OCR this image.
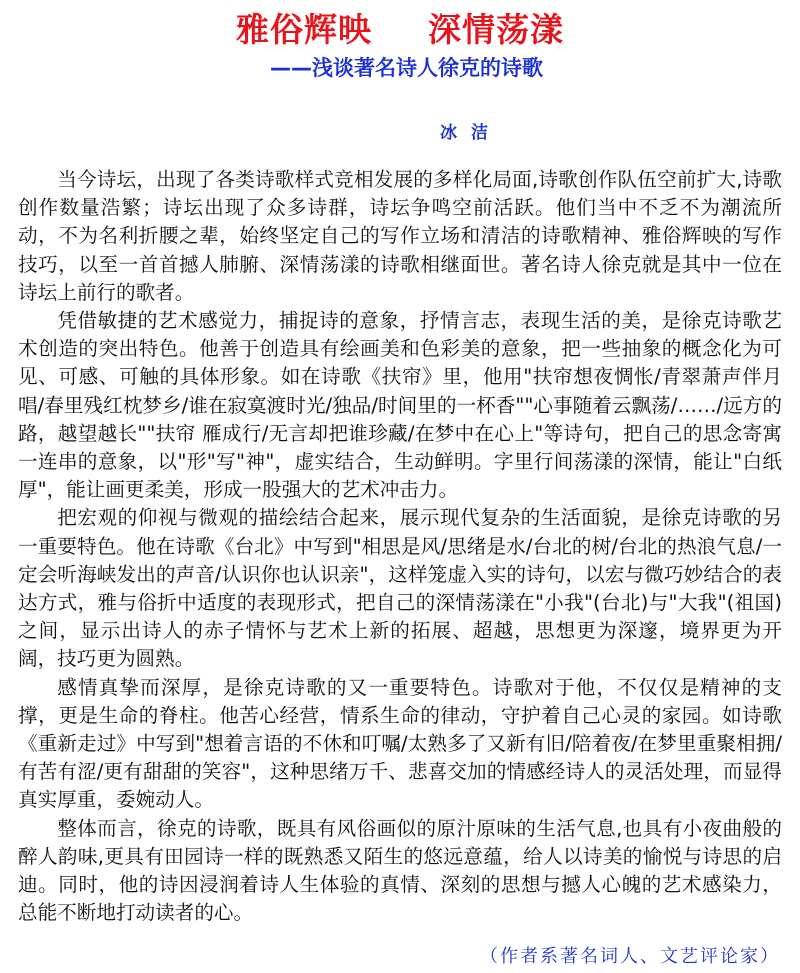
雅俗辉映 深情荡漾
——浅谈著名诗人徐克的诗歌
冰洁

当今诗坛，出现了各类诗歌样式竞相发展的多样化局面,诗歌创作队伍空前扩大,诗歌创作数量浩繁；诗坛出现了众多诗群，诗坛争鸣空前活跃。他们当中不乏不为潮流所动，不为名利折腰之辈，始终坚定自己的写作立场和清洁的诗歌精神、雅俗辉映的写作技巧，以至一首首撼人肺腑、深情荡漾的诗歌相继面世。著名诗人徐克就是其中一位在诗坛上前行的歌者。

凭借敏捷的艺术感觉力，捕捉诗的意象，抒情言志，表现生活的美，是徐克诗歌艺术创造的突出特色。他善于创造具有绘画美和色彩美的意象，把一些抽象的概念化为可见、可感、可触的具体形象。如在诗歌《扶帘》里，他用"扶帘想夜惆怅/青翠萧声伴月唱/春里残红枕梦乡/谁在寂寞渡时光/独品/时间里的一杯香""心事随着云飘荡/……/远方的路，越望越长""扶帘 雁成行/无言却把谁珍藏/在梦中在心上"等诗句，把自己的思念寄寓一连串的意象，以"形"写"神"，虚实结合，生动鲜明。字里行间荡漾的深情，能让"白纸厚"，能让画更柔美，形成一股强大的艺术冲击力。

把宏观的仰视与微观的描绘结合起来，展示现代复杂的生活面貌，是徐克诗歌的另一重要特色。他在诗歌《台北》中写到"相思是风/思绪是水/台北的树/台北的热浪气息/一定会听海峡发出的声音/认识你也认识亲"，这样笼虚入实的诗句，以宏与微巧妙结合的表达方式，雅与俗折中适度的表现形式，把自己的深情荡漾在"小我"(台北)与"大我"(祖国)之间，显示出诗人的赤子情怀与艺术上新的拓展、超越，思想更为深邃，境界更为开阔，技巧更为圆熟。

感情真挚而深厚，是徐克诗歌的又一重要特色。诗歌对于他，不仅仅是精神的支撑，更是生命的脊柱。他苦心经营，情系生命的律动，守护着自己心灵的家园。如诗歌《重新走过》中写到"想着言语的不休和叮嘱/太熟多了又新有旧/陪着夜/在梦里重聚相拥/有苦有涩/更有甜甜的笑容"，这种思绪万千、悲喜交加的情感经诗人的灵活处理，而显得真实厚重，委婉动人。

整体而言，徐克的诗歌，既具有风俗画似的原汁原味的生活气息,也具有小夜曲般的醉人韵味,更具有田园诗一样的既熟悉又陌生的悠远意蕴，给人以诗美的愉悦与诗思的启迪。同时，他的诗因浸润着诗人生体验的真情、深刻的思想与撼人心魄的艺术感染力，总能不断地打动读者的心。

（作者系著名词人、文艺评论家）
